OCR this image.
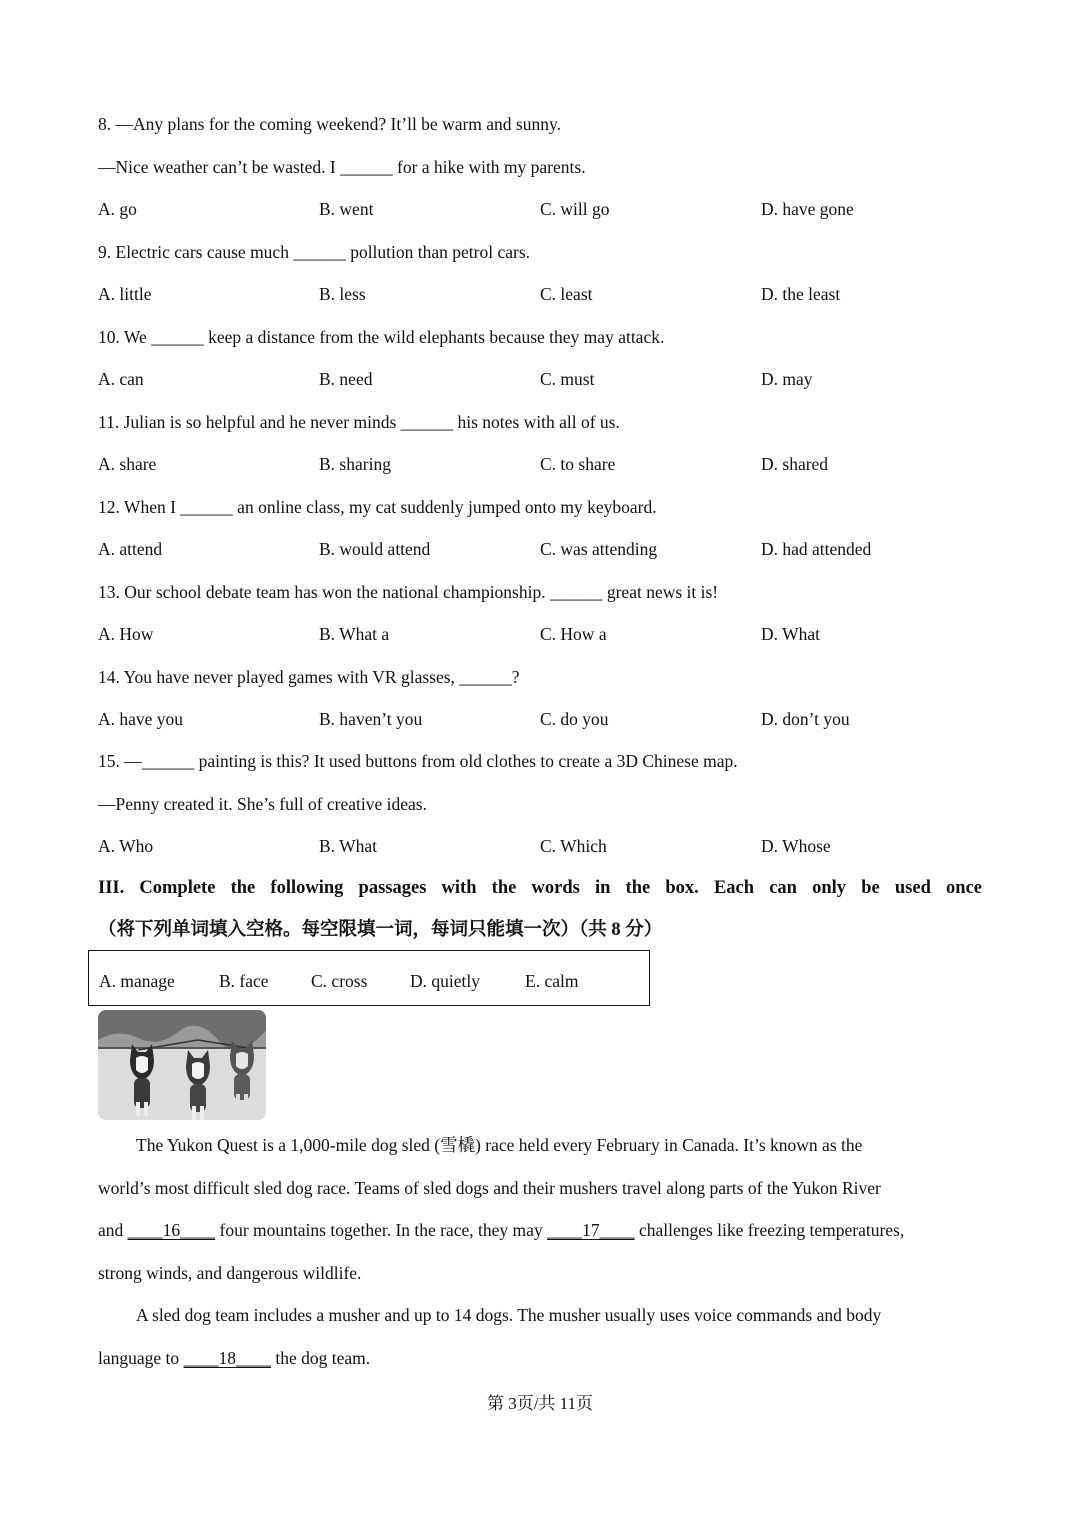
8. —Any plans for the coming weekend? It’ll be warm and sunny.
—Nice weather can’t be wasted. I ______ for a hike with my parents.
A. go	B. went	C. will go	D. have gone
9. Electric cars cause much ______ pollution than petrol cars.
A. little	B. less	C. least	D. the least
10. We ______ keep a distance from the wild elephants because they may attack.
A. can	B. need	C. must	D. may
11. Julian is so helpful and he never minds ______ his notes with all of us.
A. share	B. sharing	C. to share	D. shared
12. When I ______ an online class, my cat suddenly jumped onto my keyboard.
A. attend	B. would attend	C. was attending	D. had attended
13. Our school debate team has won the national championship. ______ great news it is!
A. How	B. What a	C. How a	D. What
14. You have never played games with VR glasses, ______?
A. have you	B. haven’t you	C. do you	D. don’t you
15. —______ painting is this? It used buttons from old clothes to create a 3D Chinese map.
—Penny created it. She’s full of creative ideas.
A. Who	B. What	C. Which	D. Whose
III. Complete the following passages with the words in the box. Each can only be used once
（将下列单词填入空格。每空限填一词，每词只能填一次）（共 8 分）
A. manage	B. face C. cross D. quietly	E. calm
The Yukon Quest is a 1,000-mile dog sled (雪橇) race held every February in Canada. It’s known as the
world’s most difficult sled dog race. Teams of sled dogs and their mushers travel along parts of the Yukon River
and ____16____ four mountains together. In the race, they may ____17____ challenges like freezing temperatures,
strong winds, and dangerous wildlife.
A sled dog team includes a musher and up to 14 dogs. The musher usually uses voice commands and body
language to ____18____ the dog team.
第 3页/共 11页
